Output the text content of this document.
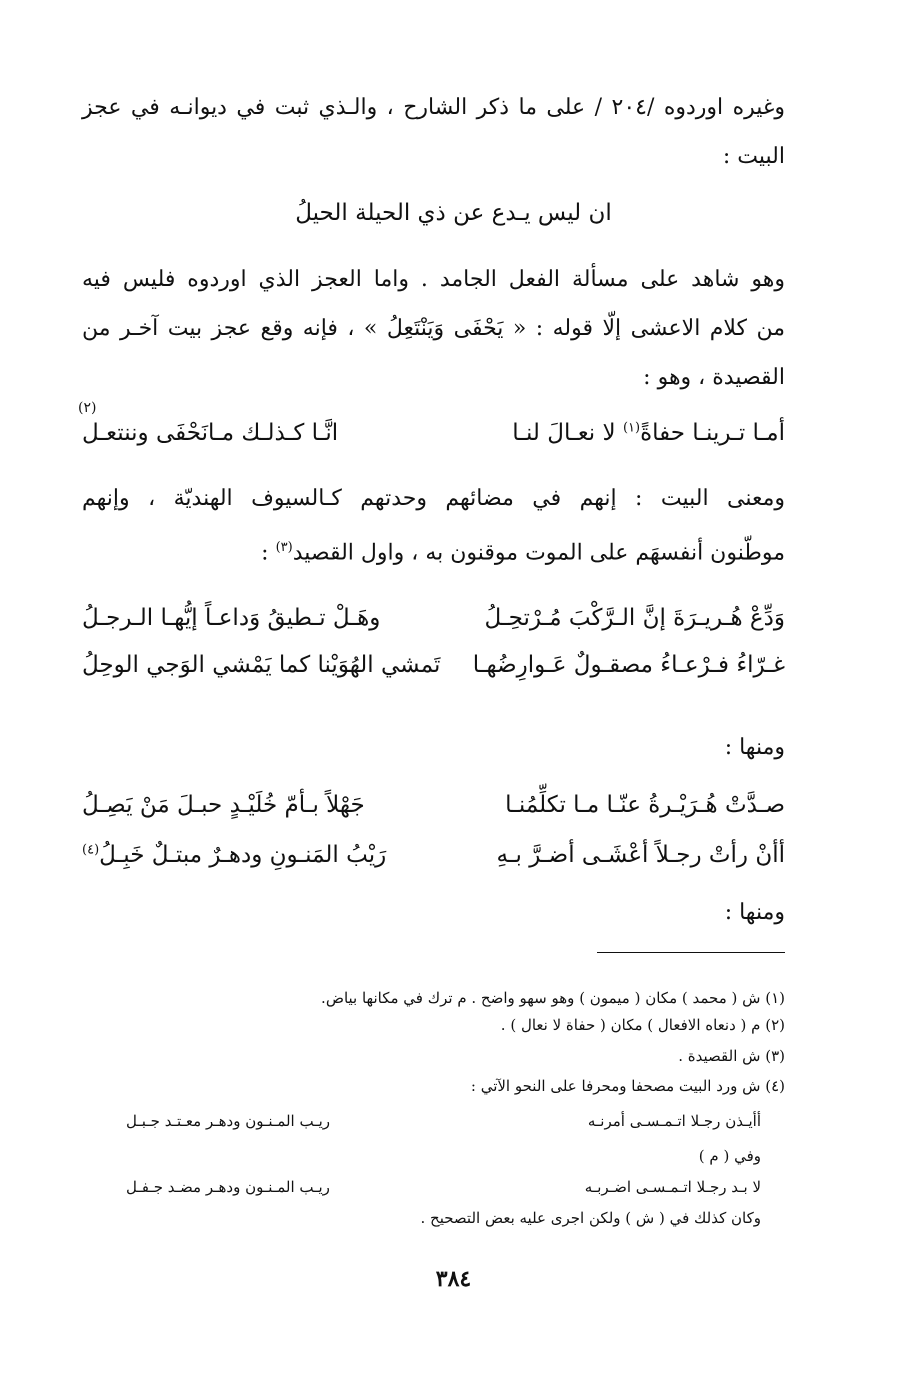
وغيره اوردوه /٢٠٤ / على ما ذكر الشارح ، والـذي ثبت في ديوانـه في عجز
البيت :
ان ليس يـدع عن ذي الحيلة الحيلُ
وهو شاهد على مسألة الفعل الجامد . واما العجز الذي اوردوه فليس فيه
من كلام الاعشى إلّا قوله : « يَحْفَى وَيَنْتَعِلُ » ، فإنه وقع عجز بيت آخـر من
القصيدة ، وهو :
أمـا تـرينـا حفاةً$^{(١)}$ لا نعـالَ لنـا
انَّـا كـذلـك مـانَحْفَى وننتعـل
(٢)
ومعنى البيت : إنهم في مضائهم وحدتهم كـالسيوف الهنديّة ، وإنهم
موطّنون أنفسهَم على الموت موقنون به ، واول القصيد$^{(٣)}$ :
وَدِّعْ هُـريـرَةَ إنَّ الـرَّكْبَ مُـرْتحِـلُ
وهَـلْ تـطيقُ وَداعـاً إيُّهـا الـرجـلُ
غـرّاءُ فـرْعـاءُ مصقـولٌ عَـوارِضُهـا
تَمشي الهُوَيْنا كما يَمْشي الوَجي الوحِلُ
ومنها :
صـدَّتْ هُـرَيْـرةُ عنّـا مـا تكلِّمُنـا
جَهْلاً بـأمّ خُلَيْـدٍ حبـلَ مَنْ يَصِـلُ
أأنْ رأتْ رجـلاً أعْشَـى أضـرَّ بـهِ
رَيْبُ المَنـونِ ودهـرٌ مبتـلٌ خَبِـلُ$^{(٤)}$
ومنها :
(١) ش ( محمد ) مكان ( ميمون ) وهو سهو واضح . م ترك في مكانها بياض.
(٢) م ( دنعاه الافعال ) مكان ( حفاة لا نعال ) .
(٣) ش القصيدة .
(٤) ش ورد البيت مصحفا ومحرفا على النحو الآتي :
أأيـذن رجـلا اتـمـسـى أمرنـه
ريـب المـنـون ودهـر معـتـد جـبـل
وفي ( م )
لا بـد رجـلا اتـمـسـى اضـربـه
ريـب المـنـون ودهـر مضـد جـفـل
وكان كذلك في ( ش ) ولكن اجرى عليه بعض التصحيح .
٣٨٤
